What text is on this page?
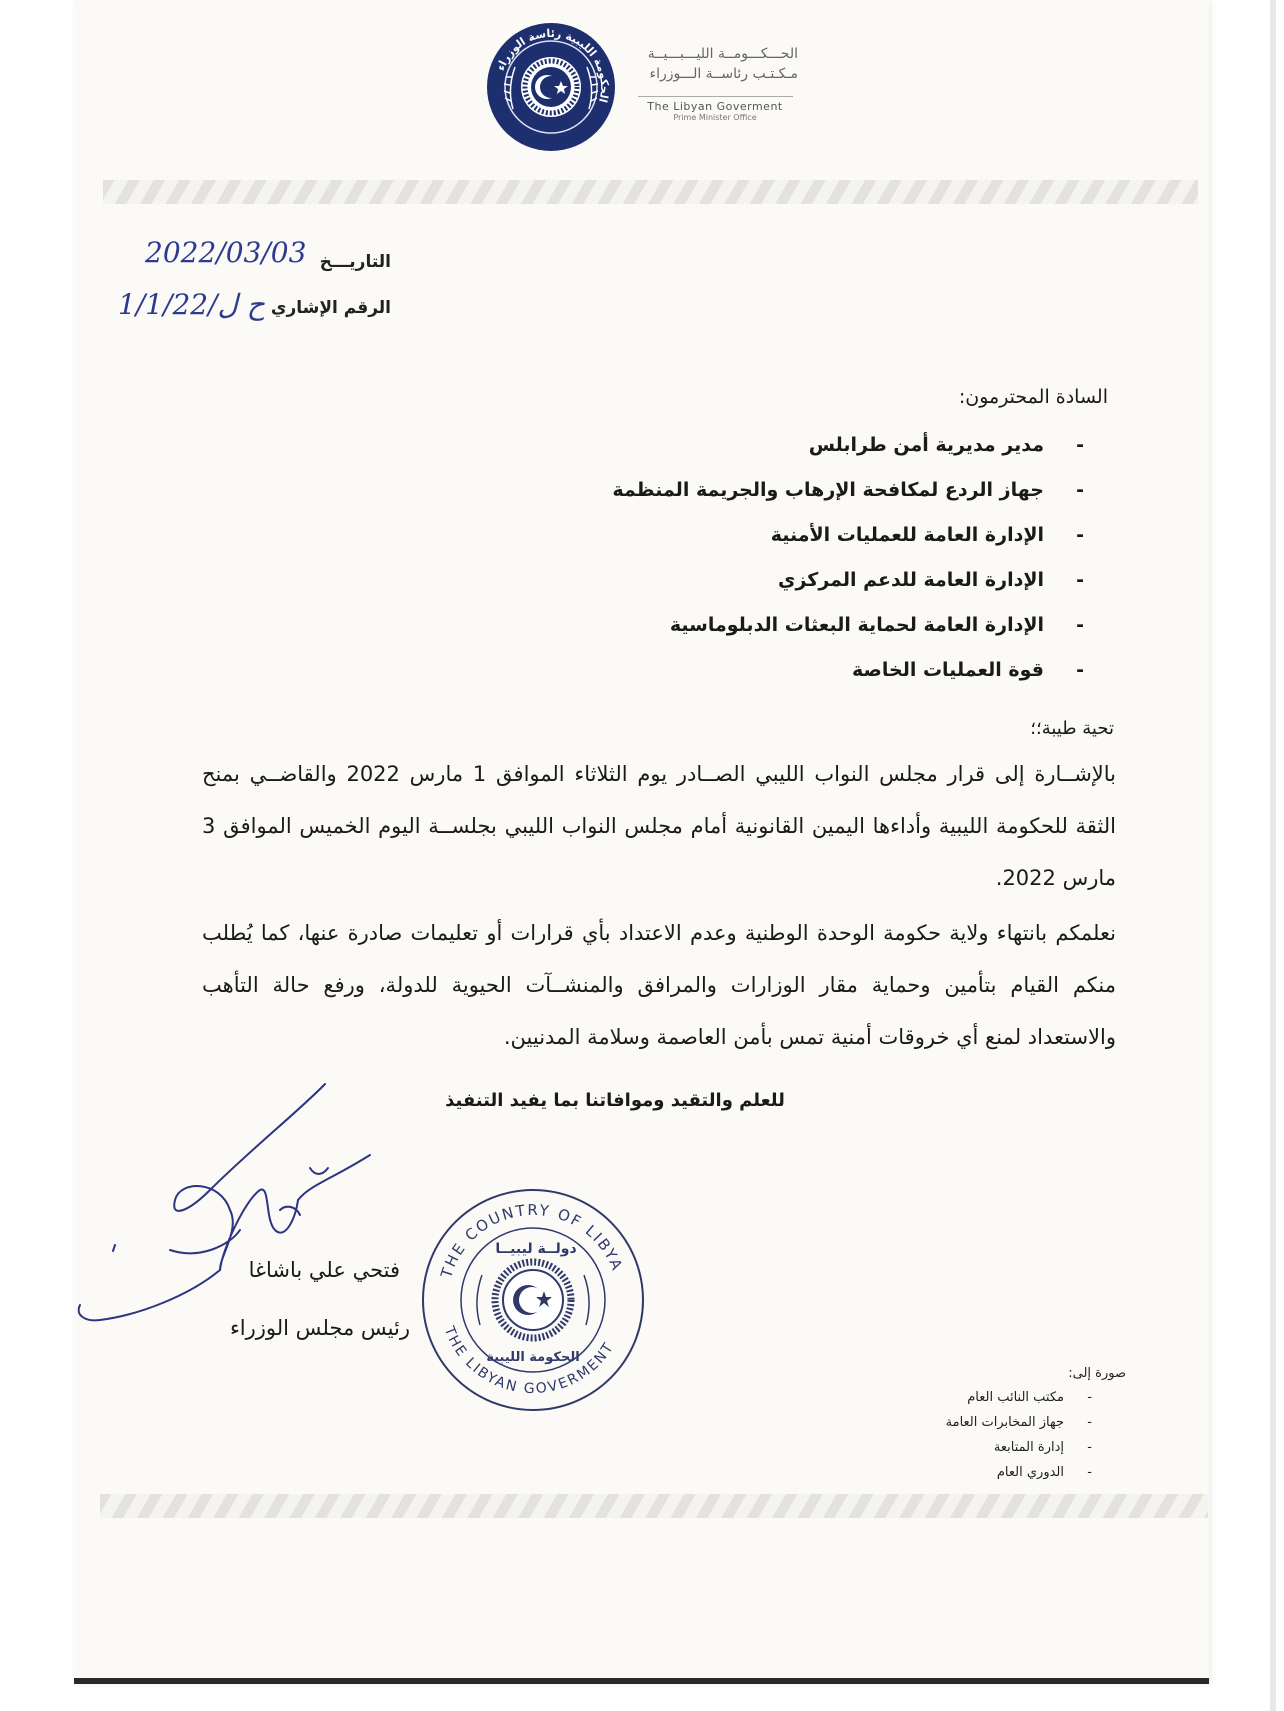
الحكومة الليبية رئاسة الوزراء
الحـــكـــومــة الليـــبـــيــة
مـكـتـب رئاســة الـــوزراء
The Libyan Goverment
Prime Minister Office
التاريـــخ
2022/03/03
الرقم الإشاري
ح ل/1/1/22
السادة المحترمون:
- مدير مديرية أمن طرابلس
- جهاز الردع لمكافحة الإرهاب والجريمة المنظمة
- الإدارة العامة للعمليات الأمنية
- الإدارة العامة للدعم المركزي
- الإدارة العامة لحماية البعثات الدبلوماسية
- قوة العمليات الخاصة
تحية طيبة؛؛
بالإشــارة إلى قرار مجلس النواب الليبي الصــادر يوم الثلاثاء الموافق 1 مارس 2022 والقاضــي بمنح الثقة للحكومة الليبية وأداءها اليمين القانونية أمام مجلس النواب الليبي بجلســة اليوم الخميس الموافق 3 مارس 2022.
نعلمكم بانتهاء ولاية حكومة الوحدة الوطنية وعدم الاعتداد بأي قرارات أو تعليمات صادرة عنها، كما يُطلب منكم القيام بتأمين وحماية مقار الوزارات والمرافق والمنشــآت الحيوية للدولة، ورفع حالة التأهب والاستعداد لمنع أي خروقات أمنية تمس بأمن العاصمة وسلامة المدنيين.
للعلم والتقيد وموافاتنا بما يفيد التنفيذ
فتحي علي باشاغا
رئيس مجلس الوزراء
THE COUNTRY OF LIBYA
THE LIBYAN GOVERMENT
دولــة ليبيــا
الحكومة الليبية
صورة إلى:
- مكتب النائب العام
- جهاز المخابرات العامة
- إدارة المتابعة
- الدوري العام
